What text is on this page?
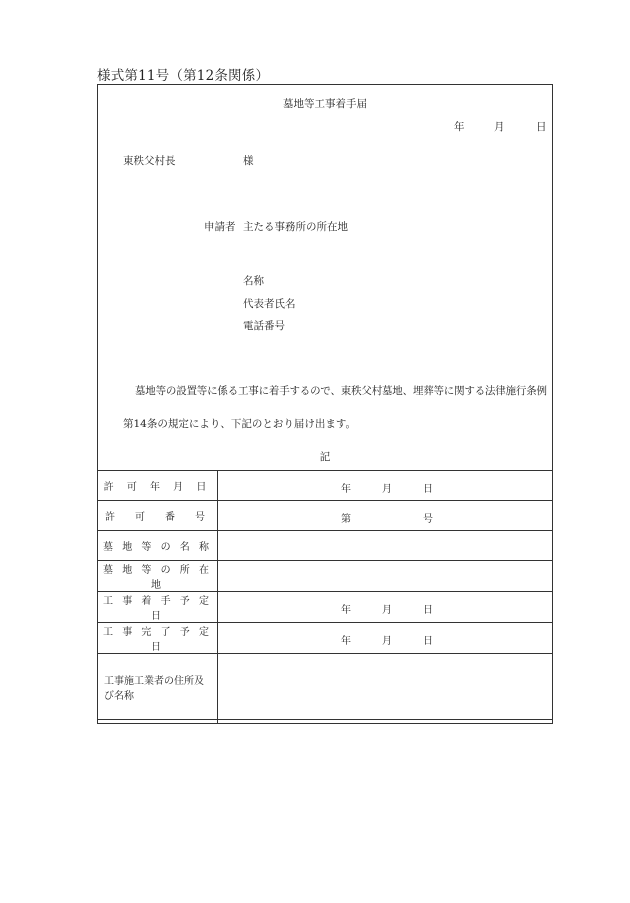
様式第11号（第12条関係）
墓地等工事着手届
年	月	日
東秩父村長	様
申請者 主たる事務所の所在地
名称
代表者氏名
電話番号
墓地等の設置等に係る工事に着手するので、東秩父村墓地、埋葬等に関する法律施行条例
第14条の規定により、下記のとおり届け出ます。
記
許 可 年 月 日	年 月 日

許　可　番　号	第 号

墓 地 等 の 名 称	
墓 地 等 の 所 在 地	
工 事 着 手 予 定 日	年 月 日

工 事 完 了 予 定 日	年 月 日

工事施工業者の住所及び名称	
